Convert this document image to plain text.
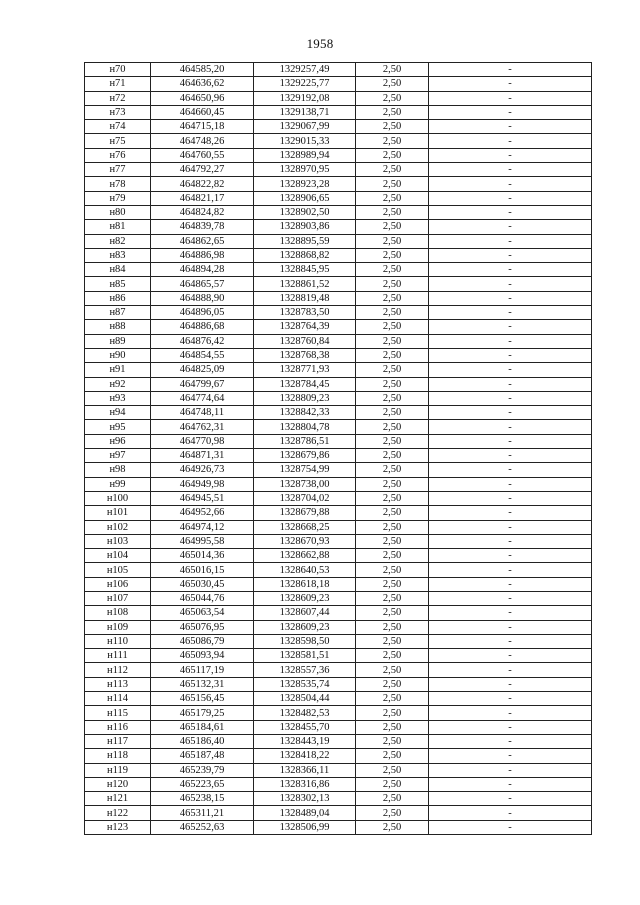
1958
н70	464585,20	1329257,49	2,50	-
н71	464636,62	1329225,77	2,50	-
н72	464650,96	1329192,08	2,50	-
н73	464660,45	1329138,71	2,50	-
н74	464715,18	1329067,99	2,50	-
н75	464748,26	1329015,33	2,50	-
н76	464760,55	1328989,94	2,50	-
н77	464792,27	1328970,95	2,50	-
н78	464822,82	1328923,28	2,50	-
н79	464821,17	1328906,65	2,50	-
н80	464824,82	1328902,50	2,50	-
н81	464839,78	1328903,86	2,50	-
н82	464862,65	1328895,59	2,50	-
н83	464886,98	1328868,82	2,50	-
н84	464894,28	1328845,95	2,50	-
н85	464865,57	1328861,52	2,50	-
н86	464888,90	1328819,48	2,50	-
н87	464896,05	1328783,50	2,50	-
н88	464886,68	1328764,39	2,50	-
н89	464876,42	1328760,84	2,50	-
н90	464854,55	1328768,38	2,50	-
н91	464825,09	1328771,93	2,50	-
н92	464799,67	1328784,45	2,50	-
н93	464774,64	1328809,23	2,50	-
н94	464748,11	1328842,33	2,50	-
н95	464762,31	1328804,78	2,50	-
н96	464770,98	1328786,51	2,50	-
н97	464871,31	1328679,86	2,50	-
н98	464926,73	1328754,99	2,50	-
н99	464949,98	1328738,00	2,50	-
н100	464945,51	1328704,02	2,50	-
н101	464952,66	1328679,88	2,50	-
н102	464974,12	1328668,25	2,50	-
н103	464995,58	1328670,93	2,50	-
н104	465014,36	1328662,88	2,50	-
н105	465016,15	1328640,53	2,50	-
н106	465030,45	1328618,18	2,50	-
н107	465044,76	1328609,23	2,50	-
н108	465063,54	1328607,44	2,50	-
н109	465076,95	1328609,23	2,50	-
н110	465086,79	1328598,50	2,50	-
н111	465093,94	1328581,51	2,50	-
н112	465117,19	1328557,36	2,50	-
н113	465132,31	1328535,74	2,50	-
н114	465156,45	1328504,44	2,50	-
н115	465179,25	1328482,53	2,50	-
н116	465184,61	1328455,70	2,50	-
н117	465186,40	1328443,19	2,50	-
н118	465187,48	1328418,22	2,50	-
н119	465239,79	1328366,11	2,50	-
н120	465223,65	1328316,86	2,50	-
н121	465238,15	1328302,13	2,50	-
н122	465311,21	1328489,04	2,50	-
н123	465252,63	1328506,99	2,50	-
